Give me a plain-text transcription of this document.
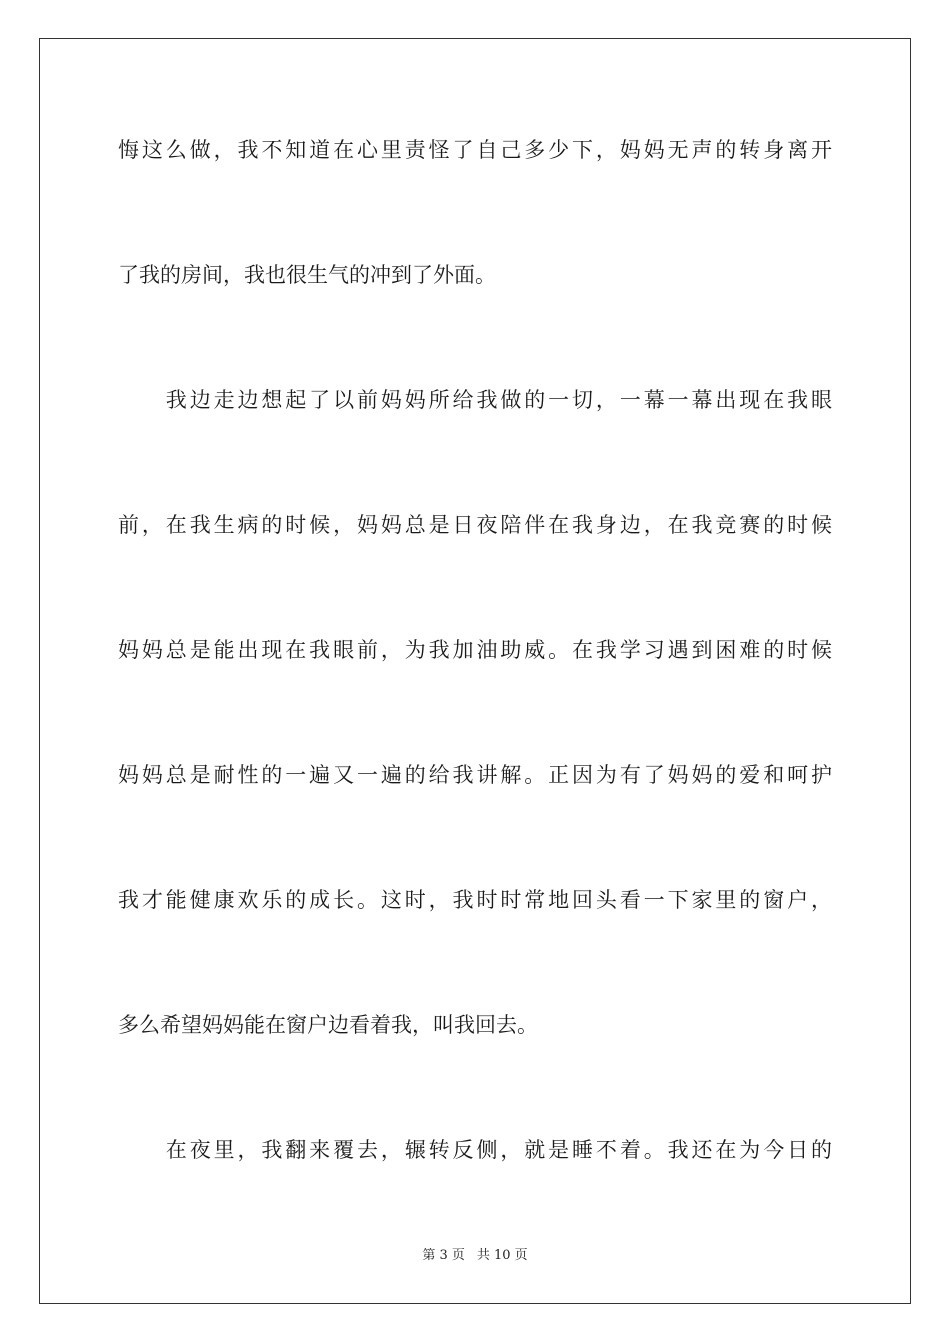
悔这么做，我不知道在心里责怪了自己多少下，妈妈无声的转身离开
了我的房间，我也很生气的冲到了外面。
　　我边走边想起了以前妈妈所给我做的一切，一幕一幕出现在我眼
前，在我生病的时候，妈妈总是日夜陪伴在我身边，在我竞赛的时候
妈妈总是能出现在我眼前，为我加油助威。在我学习遇到困难的时候
妈妈总是耐性的一遍又一遍的给我讲解。正因为有了妈妈的爱和呵护
我才能健康欢乐的成长。这时，我时时常地回头看一下家里的窗户，
多么希望妈妈能在窗户边看着我，叫我回去。
　　在夜里，我翻来覆去，辗转反侧，就是睡不着。我还在为今日的
第 3 页 共 10 页
